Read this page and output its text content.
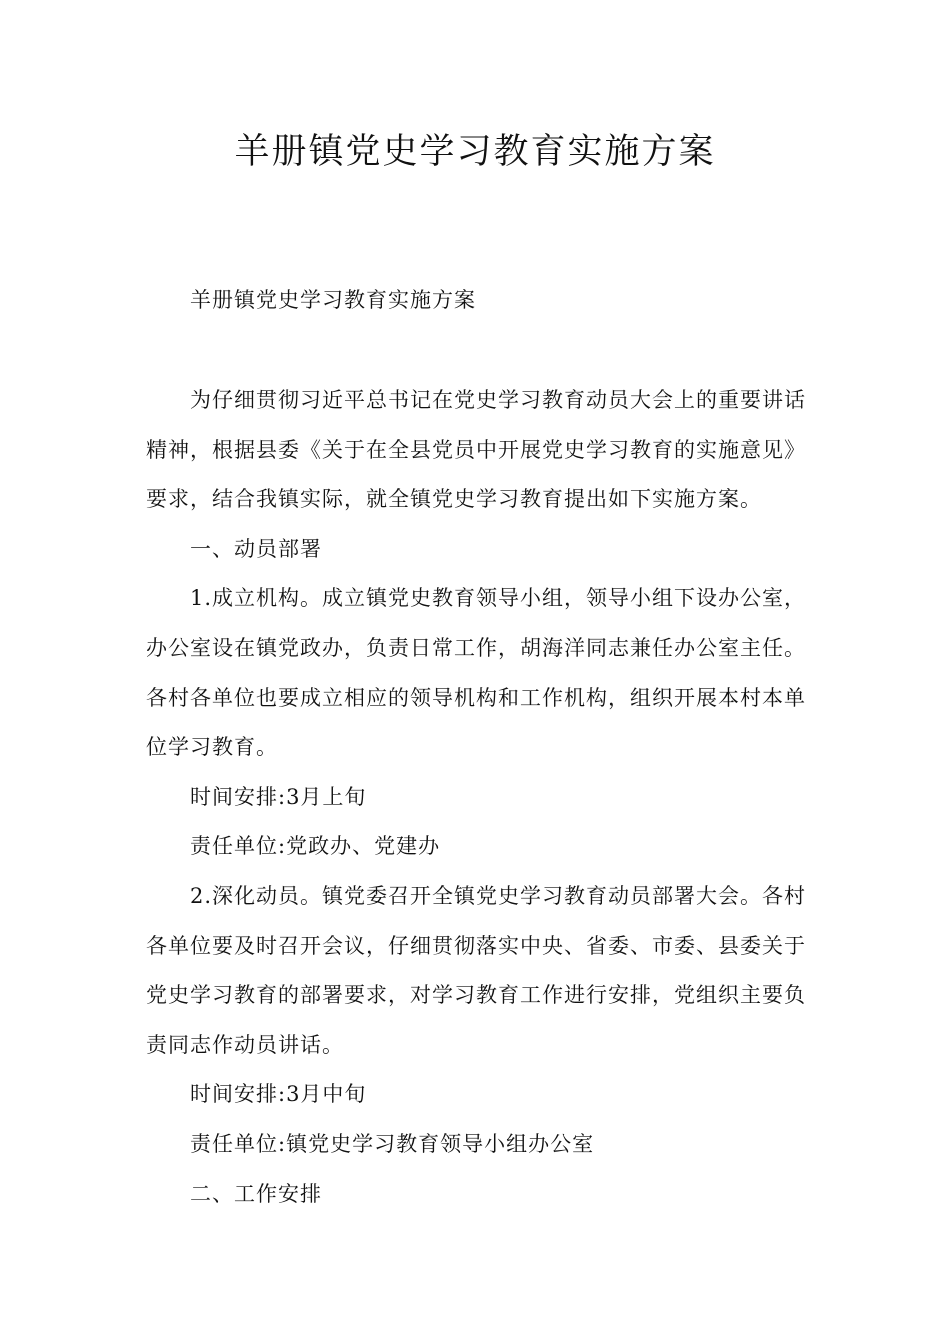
羊册镇党史学习教育实施方案

羊册镇党史学习教育实施方案

为仔细贯彻习近平总书记在党史学习教育动员大会上的重要讲话精神，根据县委《关于在全县党员中开展党史学习教育的实施意见》要求，结合我镇实际，就全镇党史学习教育提出如下实施方案。

一、动员部署

1.成立机构。成立镇党史教育领导小组，领导小组下设办公室，办公室设在镇党政办，负责日常工作，胡海洋同志兼任办公室主任。各村各单位也要成立相应的领导机构和工作机构，组织开展本村本单位学习教育。

时间安排:3月上旬

责任单位:党政办、党建办

2.深化动员。镇党委召开全镇党史学习教育动员部署大会。各村各单位要及时召开会议，仔细贯彻落实中央、省委、市委、县委关于党史学习教育的部署要求，对学习教育工作进行安排，党组织主要负责同志作动员讲话。

时间安排:3月中旬

责任单位:镇党史学习教育领导小组办公室

二、工作安排
